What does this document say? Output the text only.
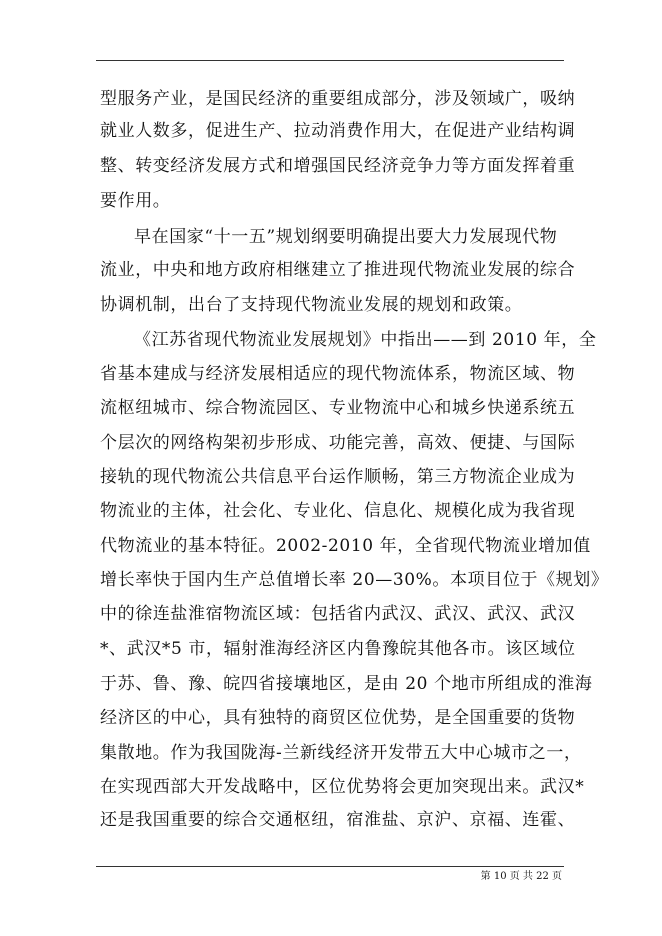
型服务产业，是国民经济的重要组成部分，涉及领域广，吸纳
就业人数多，促进生产、拉动消费作用大，在促进产业结构调
整、转变经济发展方式和增强国民经济竞争力等方面发挥着重
要作用。
早在国家“十一五”规划纲要明确提出要大力发展现代物
流业，中央和地方政府相继建立了推进现代物流业发展的综合
协调机制，出台了支持现代物流业发展的规划和政策。
《江苏省现代物流业发展规划》中指出——到 2010 年，全
省基本建成与经济发展相适应的现代物流体系，物流区域、物
流枢纽城市、综合物流园区、专业物流中心和城乡快递系统五
个层次的网络构架初步形成、功能完善，高效、便捷、与国际
接轨的现代物流公共信息平台运作顺畅，第三方物流企业成为
物流业的主体，社会化、专业化、信息化、规模化成为我省现
代物流业的基本特征。2002-2010 年，全省现代物流业增加值
增长率快于国内生产总值增长率 20—30%。本项目位于《规划》
中的徐连盐淮宿物流区域：包括省内武汉、武汉、武汉、武汉
*、武汉*5 市，辐射淮海经济区内鲁豫皖其他各市。该区域位
于苏、鲁、豫、皖四省接壤地区，是由 20 个地市所组成的淮海
经济区的中心，具有独特的商贸区位优势，是全国重要的货物
集散地。作为我国陇海-兰新线经济开发带五大中心城市之一，
在实现西部大开发战略中，区位优势将会更加突现出来。武汉*
还是我国重要的综合交通枢纽，宿淮盐、京沪、京福、连霍、
第 10 页 共 22 页
